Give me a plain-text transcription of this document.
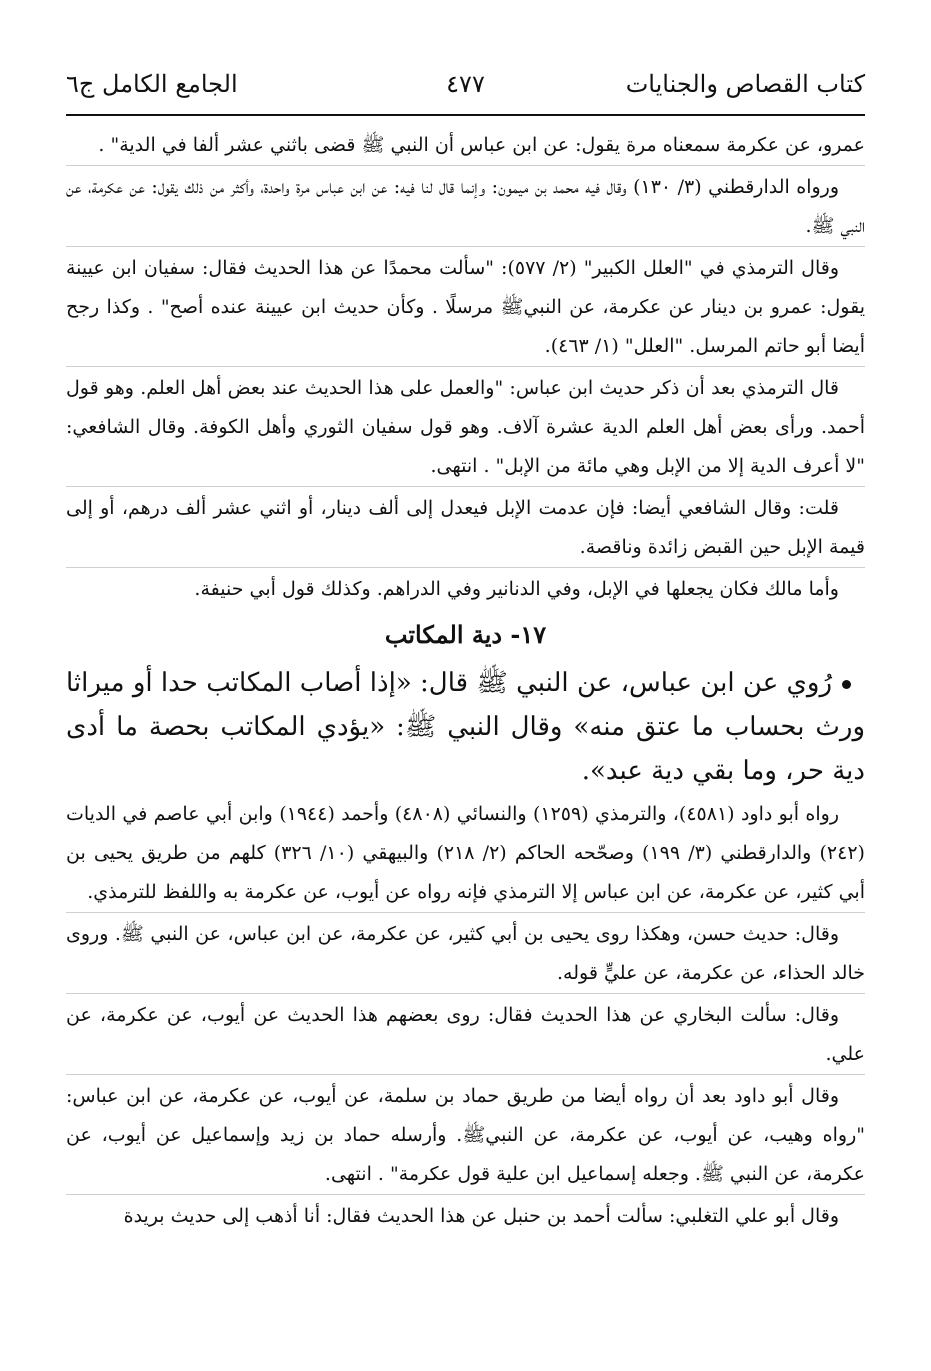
كتاب القصاص والجنايات
٤٧٧
الجامع الكامل ج٦

عمرو، عن عكرمة سمعناه مرة يقول: عن ابن عباس أن النبي ﷺ قضى باثني عشر ألفا في الدية" .

ورواه الدارقطني (٣/ ١٣٠) وقال فيه محمد بن ميمون: وإنما قال لنا فيه: عن ابن عباس مرة واحدة، وأكثر من ذلك يقول: عن عكرمة، عن النبي ﷺ.

وقال الترمذي في "العلل الكبير" (٢/ ٥٧٧): "سألت محمدًا عن هذا الحديث فقال: سفيان ابن عيينة يقول: عمرو بن دينار عن عكرمة، عن النبيﷺ مرسلًا . وكأن حديث ابن عيينة عنده أصح" . وكذا رجح أيضا أبو حاتم المرسل. "العلل" (١/ ٤٦٣).

قال الترمذي بعد أن ذكر حديث ابن عباس: "والعمل على هذا الحديث عند بعض أهل العلم. وهو قول أحمد. ورأى بعض أهل العلم الدية عشرة آلاف. وهو قول سفيان الثوري وأهل الكوفة. وقال الشافعي: "لا أعرف الدية إلا من الإبل وهي مائة من الإبل" . انتهى.

قلت: وقال الشافعي أيضا: فإن عدمت الإبل فيعدل إلى ألف دينار، أو اثني عشر ألف درهم، أو إلى قيمة الإبل حين القبض زائدة وناقصة.

وأما مالك فكان يجعلها في الإبل، وفي الدنانير وفي الدراهم. وكذلك قول أبي حنيفة.

١٧- دية المكاتب

رُوي عن ابن عباس، عن النبي ﷺ قال: «إذا أصاب المكاتب حدا أو ميراثا ورث بحساب ما عتق منه» وقال النبي ﷺ: «يؤدي المكاتب بحصة ما أدى دية حر، وما بقي دية عبد».

رواه أبو داود (٤٥٨١)، والترمذي (١٢٥٩) والنسائي (٤٨٠٨) وأحمد (١٩٤٤) وابن أبي عاصم في الديات (٢٤٢) والدارقطني (٣/ ١٩٩) وصحّحه الحاكم (٢/ ٢١٨) والبيهقي (١٠/ ٣٢٦) كلهم من طريق يحيى بن أبي كثير، عن عكرمة، عن ابن عباس إلا الترمذي فإنه رواه عن أيوب، عن عكرمة به واللفظ للترمذي.

وقال: حديث حسن، وهكذا روى يحيى بن أبي كثير، عن عكرمة، عن ابن عباس، عن النبي ﷺ. وروى خالد الحذاء، عن عكرمة، عن عليٍّ قوله.

وقال: سألت البخاري عن هذا الحديث فقال: روى بعضهم هذا الحديث عن أيوب، عن عكرمة، عن علي.

وقال أبو داود بعد أن رواه أيضا من طريق حماد بن سلمة، عن أيوب، عن عكرمة، عن ابن عباس: "رواه وهيب، عن أيوب، عن عكرمة، عن النبيﷺ. وأرسله حماد بن زيد وإسماعيل عن أيوب، عن عكرمة، عن النبي ﷺ. وجعله إسماعيل ابن علية قول عكرمة" . انتهى.

وقال أبو علي التغلبي: سألت أحمد بن حنبل عن هذا الحديث فقال: أنا أذهب إلى حديث بريدة
